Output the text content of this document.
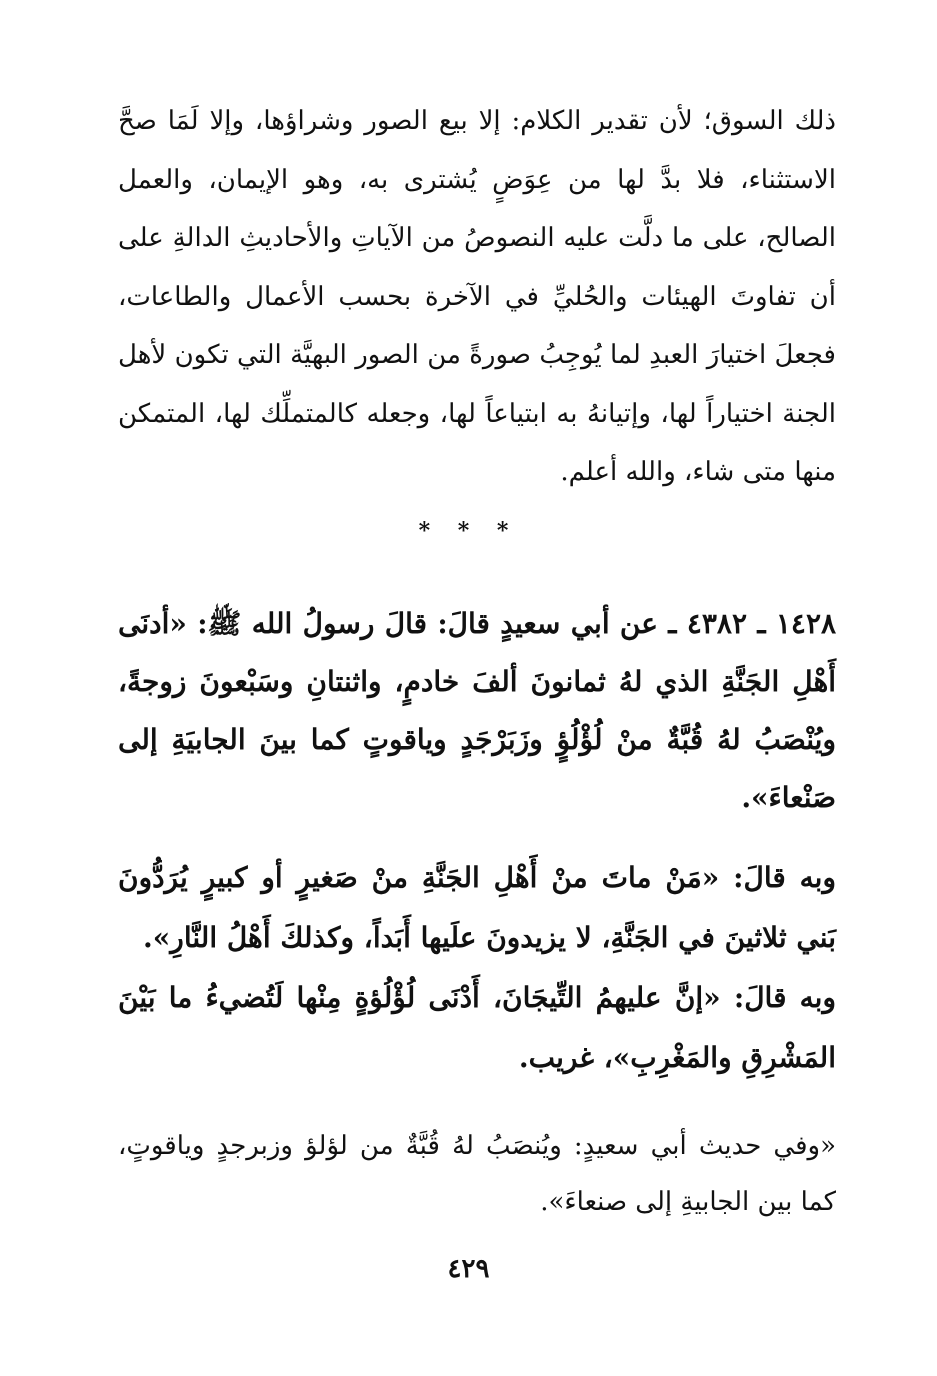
ذلك السوق؛ لأن تقدير الكلام: إلا بيع الصور وشراؤها، وإلا لَمَا صحَّ الاستثناء، فلا بدَّ لها من عِوَضٍ يُشترى به، وهو الإيمان، والعمل الصالح، على ما دلَّت عليه النصوصُ من الآياتِ والأحاديثِ الدالةِ على أن تفاوتَ الهيئات والحُليِّ في الآخرة بحسب الأعمال والطاعات، فجعلَ اختيارَ العبدِ لما يُوجِبُ صورةً من الصور البهيَّة التي تكون لأهل الجنة اختياراً لها، وإتيانهُ به ابتياعاً لها، وجعله كالمتملِّك لها، المتمكن منها متى شاء، والله أعلم.

* * *

١٤٢٨ ـ ٤٣٨٢ ـ عن أبي سعيدٍ قالَ: قالَ رسولُ الله ﷺ: «أدنَى أَهْلِ الجَنَّةِ الذي لهُ ثمانونَ ألفَ خادمٍ، واثنتانِ وسَبْعونَ زوجةً، ويُنْصَبُ لهُ قُبَّةٌ منْ لُؤْلُؤٍ وزَبَرْجَدٍ وياقوتٍ كما بينَ الجابيَةِ إلى صَنْعاءَ».

وبه قالَ: «مَنْ ماتَ منْ أَهْلِ الجَنَّةِ منْ صَغيرٍ أو كبيرٍ يُرَدُّونَ بَني ثلاثينَ في الجَنَّةِ، لا يزيدونَ علَيها أَبَداً، وكذلكَ أَهْلُ النَّارِ».

وبه قالَ: «إنَّ عليهمُ التِّيجَانَ، أَدْنَى لُؤْلُؤةٍ مِنْها لَتُضيءُ ما بَيْنَ المَشْرِقِ والمَغْرِبِ»، غريب.

«وفي حديث أبي سعيدٍ: ويُنصَبُ لهُ قُبَّةٌ من لؤلؤ وزبرجدٍ وياقوتٍ، كما بين الجابيةِ إلى صنعاءَ».

٤٢٩
